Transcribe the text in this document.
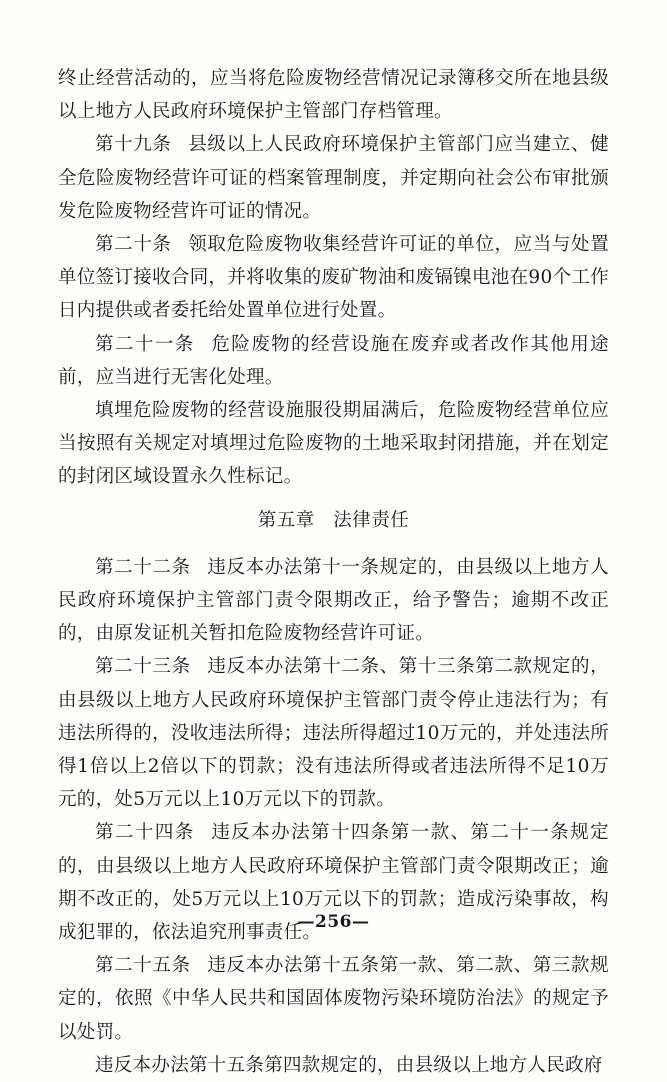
终止经营活动的，应当将危险废物经营情况记录簿移交所在地县级以上地方人民政府环境保护主管部门存档管理。

第十九条 县级以上人民政府环境保护主管部门应当建立、健全危险废物经营许可证的档案管理制度，并定期向社会公布审批颁发危险废物经营许可证的情况。

第二十条 领取危险废物收集经营许可证的单位，应当与处置单位签订接收合同，并将收集的废矿物油和废镉镍电池在90个工作日内提供或者委托给处置单位进行处置。

第二十一条 危险废物的经营设施在废弃或者改作其他用途前，应当进行无害化处理。

填埋危险废物的经营设施服役期届满后，危险废物经营单位应当按照有关规定对填埋过危险废物的土地采取封闭措施，并在划定的封闭区域设置永久性标记。

第五章 法律责任

第二十二条 违反本办法第十一条规定的，由县级以上地方人民政府环境保护主管部门责令限期改正，给予警告；逾期不改正的，由原发证机关暂扣危险废物经营许可证。

第二十三条 违反本办法第十二条、第十三条第二款规定的，由县级以上地方人民政府环境保护主管部门责令停止违法行为；有违法所得的，没收违法所得；违法所得超过10万元的，并处违法所得1倍以上2倍以下的罚款；没有违法所得或者违法所得不足10万元的，处5万元以上10万元以下的罚款。

第二十四条 违反本办法第十四条第一款、第二十一条规定的，由县级以上地方人民政府环境保护主管部门责令限期改正；逾期不改正的，处5万元以上10万元以下的罚款；造成污染事故，构成犯罪的，依法追究刑事责任。

第二十五条 违反本办法第十五条第一款、第二款、第三款规定的，依照《中华人民共和国固体废物污染环境防治法》的规定予以处罚。

违反本办法第十五条第四款规定的，由县级以上地方人民政府

—256—
